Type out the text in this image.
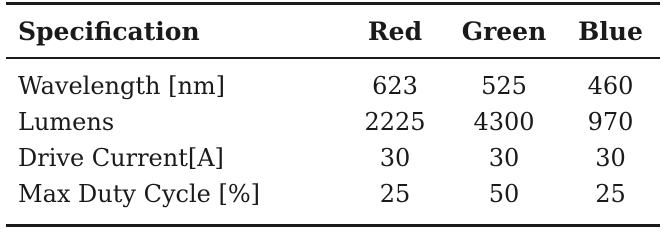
Specification	Red	Green	Blue
Wavelength [nm]	623	525	460
Lumens	2225	4300	970
Drive Current[A]	30	30	30
Max Duty Cycle [%]	25	50	25
